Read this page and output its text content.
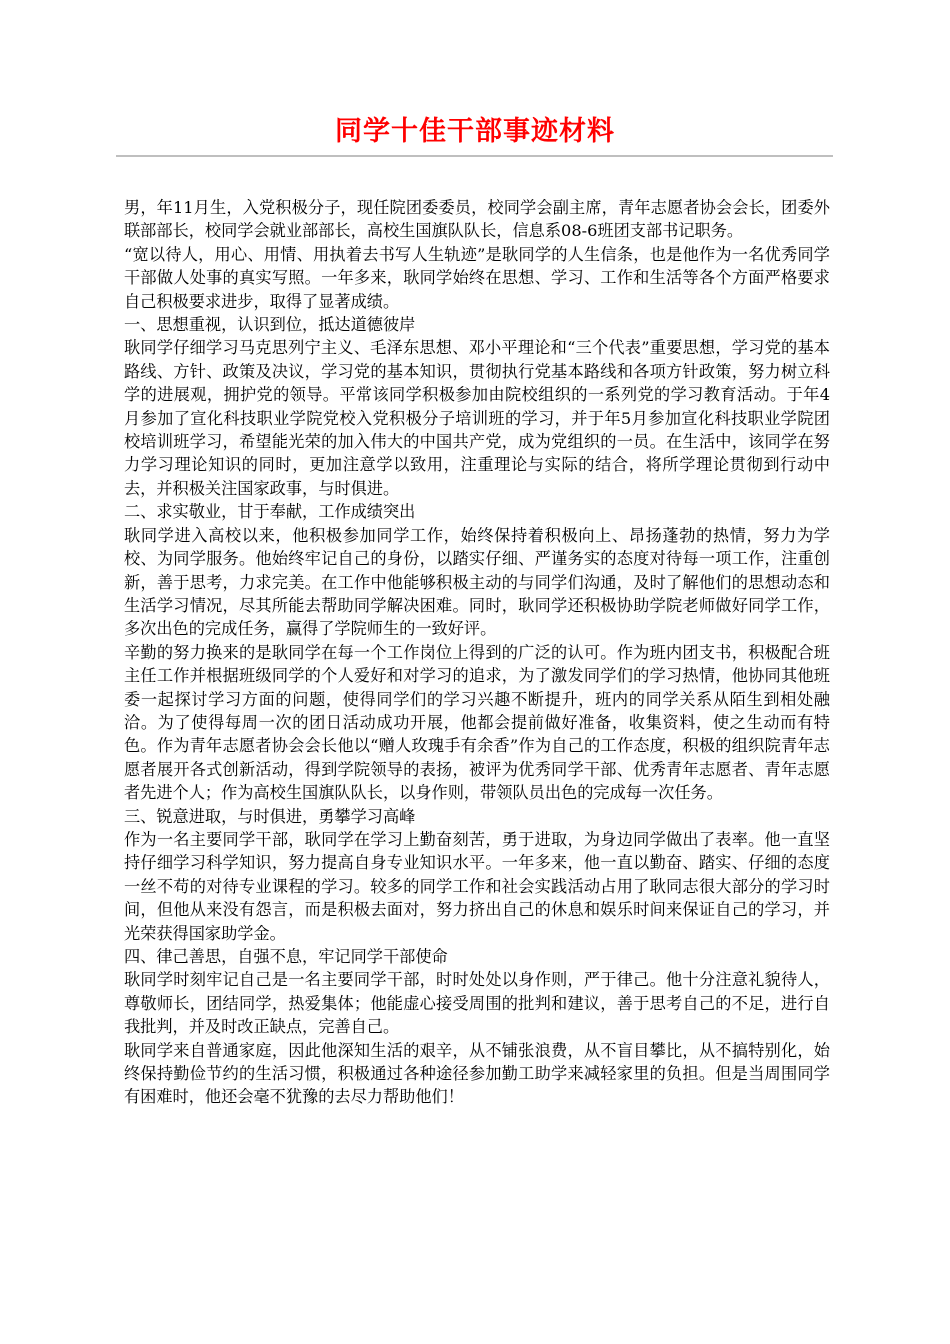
同学十佳干部事迹材料

男，年11月生，入党积极分子，现任院团委委员，校同学会副主席，青年志愿者协会会长，团委外联部部长，校同学会就业部部长，高校生国旗队队长，信息系08-6班团支部书记职务。

“宽以待人，用心、用情、用执着去书写人生轨迹”是耿同学的人生信条，也是他作为一名优秀同学干部做人处事的真实写照。一年多来，耿同学始终在思想、学习、工作和生活等各个方面严格要求自己积极要求进步，取得了显著成绩。

一、思想重视，认识到位，抵达道德彼岸

耿同学仔细学习马克思列宁主义、毛泽东思想、邓小平理论和“三个代表”重要思想，学习党的基本路线、方针、政策及决议，学习党的基本知识，贯彻执行党基本路线和各项方针政策，努力树立科学的进展观，拥护党的领导。平常该同学积极参加由院校组织的一系列党的学习教育活动。于年4月参加了宣化科技职业学院党校入党积极分子培训班的学习，并于年5月参加宣化科技职业学院团校培训班学习，希望能光荣的加入伟大的中国共产党，成为党组织的一员。在生活中，该同学在努力学习理论知识的同时，更加注意学以致用，注重理论与实际的结合，将所学理论贯彻到行动中去，并积极关注国家政事，与时俱进。

二、求实敬业，甘于奉献，工作成绩突出

耿同学进入高校以来，他积极参加同学工作，始终保持着积极向上、昂扬蓬勃的热情，努力为学校、为同学服务。他始终牢记自己的身份，以踏实仔细、严谨务实的态度对待每一项工作，注重创新，善于思考，力求完美。在工作中他能够积极主动的与同学们沟通，及时了解他们的思想动态和生活学习情况，尽其所能去帮助同学解决困难。同时，耿同学还积极协助学院老师做好同学工作，多次出色的完成任务，赢得了学院师生的一致好评。

辛勤的努力换来的是耿同学在每一个工作岗位上得到的广泛的认可。作为班内团支书，积极配合班主任工作并根据班级同学的个人爱好和对学习的追求，为了激发同学们的学习热情，他协同其他班委一起探讨学习方面的问题，使得同学们的学习兴趣不断提升，班内的同学关系从陌生到相处融洽。为了使得每周一次的团日活动成功开展，他都会提前做好准备，收集资料，使之生动而有特色。作为青年志愿者协会会长他以“赠人玫瑰手有余香”作为自己的工作态度，积极的组织院青年志愿者展开各式创新活动，得到学院领导的表扬，被评为优秀同学干部、优秀青年志愿者、青年志愿者先进个人；作为高校生国旗队队长，以身作则，带领队员出色的完成每一次任务。

三、锐意进取，与时俱进，勇攀学习高峰

作为一名主要同学干部，耿同学在学习上勤奋刻苦，勇于进取，为身边同学做出了表率。他一直坚持仔细学习科学知识，努力提高自身专业知识水平。一年多来，他一直以勤奋、踏实、仔细的态度一丝不苟的对待专业课程的学习。较多的同学工作和社会实践活动占用了耿同志很大部分的学习时间，但他从来没有怨言，而是积极去面对，努力挤出自己的休息和娱乐时间来保证自己的学习，并光荣获得国家助学金。

四、律己善思，自强不息，牢记同学干部使命

耿同学时刻牢记自己是一名主要同学干部，时时处处以身作则，严于律己。他十分注意礼貌待人，尊敬师长，团结同学，热爱集体；他能虚心接受周围的批判和建议，善于思考自己的不足，进行自我批判，并及时改正缺点，完善自己。

耿同学来自普通家庭，因此他深知生活的艰辛，从不铺张浪费，从不盲目攀比，从不搞特别化，始终保持勤俭节约的生活习惯，积极通过各种途径参加勤工助学来减轻家里的负担。但是当周围同学有困难时，他还会毫不犹豫的去尽力帮助他们！
